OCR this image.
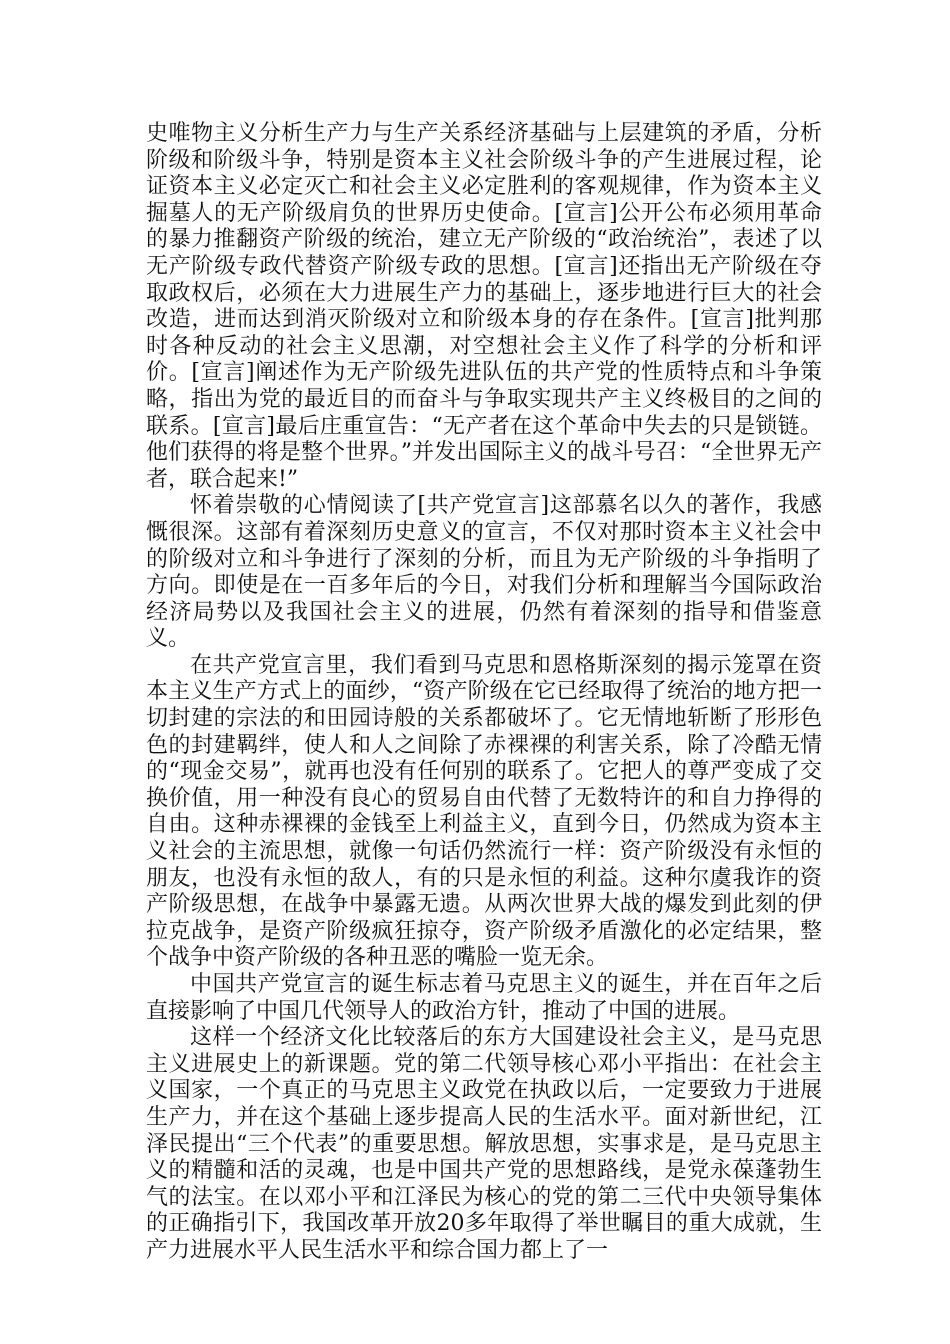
史唯物主义分析生产力与生产关系经济基础与上层建筑的矛盾，分析阶级和阶级斗争，特别是资本主义社会阶级斗争的产生进展过程，论证资本主义必定灭亡和社会主义必定胜利的客观规律，作为资本主义掘墓人的无产阶级肩负的世界历史使命。[宣言]公开公布必须用革命的暴力推翻资产阶级的统治，建立无产阶级的“政治统治”，表述了以无产阶级专政代替资产阶级专政的思想。[宣言]还指出无产阶级在夺取政权后，必须在大力进展生产力的基础上，逐步地进行巨大的社会改造，进而达到消灭阶级对立和阶级本身的存在条件。[宣言]批判那时各种反动的社会主义思潮，对空想社会主义作了科学的分析和评价。[宣言]阐述作为无产阶级先进队伍的共产党的性质特点和斗争策略，指出为党的最近目的而奋斗与争取实现共产主义终极目的之间的联系。[宣言]最后庄重宣告：“无产者在这个革命中失去的只是锁链。他们获得的将是整个世界。”并发出国际主义的战斗号召：“全世界无产者，联合起来!”

怀着崇敬的心情阅读了[共产党宣言]这部慕名以久的著作，我感慨很深。这部有着深刻历史意义的宣言，不仅对那时资本主义社会中的阶级对立和斗争进行了深刻的分析，而且为无产阶级的斗争指明了方向。即使是在一百多年后的今日，对我们分析和理解当今国际政治经济局势以及我国社会主义的进展，仍然有着深刻的指导和借鉴意义。

在共产党宣言里，我们看到马克思和恩格斯深刻的揭示笼罩在资本主义生产方式上的面纱，“资产阶级在它已经取得了统治的地方把一切封建的宗法的和田园诗般的关系都破坏了。它无情地斩断了形形色色的封建羁绊，使人和人之间除了赤裸裸的利害关系，除了冷酷无情的“现金交易”，就再也没有任何别的联系了。它把人的尊严变成了交换价值，用一种没有良心的贸易自由代替了无数特许的和自力挣得的自由。这种赤裸裸的金钱至上利益主义，直到今日，仍然成为资本主义社会的主流思想，就像一句话仍然流行一样：资产阶级没有永恒的朋友，也没有永恒的敌人，有的只是永恒的利益。这种尔虞我诈的资产阶级思想，在战争中暴露无遗。从两次世界大战的爆发到此刻的伊拉克战争，是资产阶级疯狂掠夺，资产阶级矛盾激化的必定结果，整个战争中资产阶级的各种丑恶的嘴脸一览无余。

中国共产党宣言的诞生标志着马克思主义的诞生，并在百年之后直接影响了中国几代领导人的政治方针，推动了中国的进展。

这样一个经济文化比较落后的东方大国建设社会主义，是马克思主义进展史上的新课题。党的第二代领导核心邓小平指出：在社会主义国家，一个真正的马克思主义政党在执政以后，一定要致力于进展生产力，并在这个基础上逐步提高人民的生活水平。面对新世纪，江泽民提出“三个代表”的重要思想。解放思想，实事求是，是马克思主义的精髓和活的灵魂，也是中国共产党的思想路线，是党永葆蓬勃生气的法宝。在以邓小平和江泽民为核心的党的第二三代中央领导集体的正确指引下，我国改革开放20多年取得了举世瞩目的重大成就，生产力进展水平人民生活水平和综合国力都上了一
